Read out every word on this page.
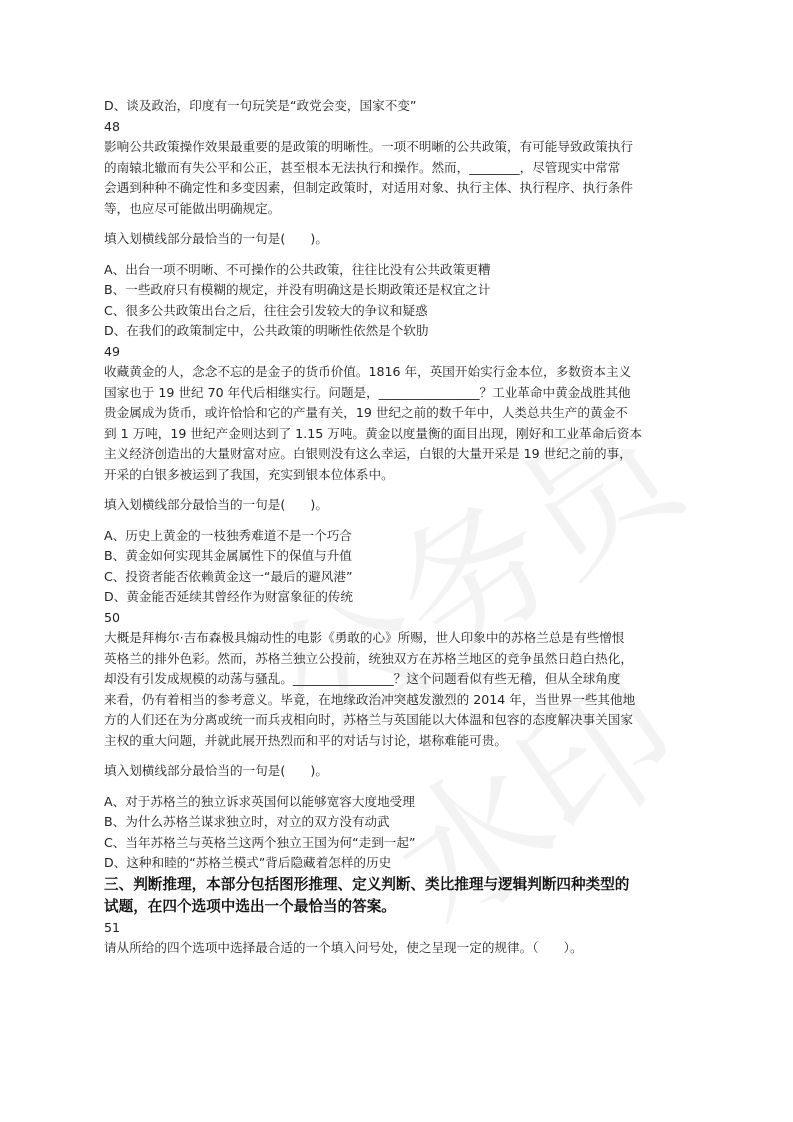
D、谈及政治，印度有一句玩笑是“政党会变，国家不变”
48
影响公共政策操作效果最重要的是政策的明晰性。一项不明晰的公共政策，有可能导致政策执行
的南辕北辙而有失公平和公正，甚至根本无法执行和操作。然而，________，尽管现实中常常
会遇到种种不确定性和多变因素，但制定政策时，对适用对象、执行主体、执行程序、执行条件
等，也应尽可能做出明确规定。
填入划横线部分最恰当的一句是(　　)。
A、出台一项不明晰、不可操作的公共政策，往往比没有公共政策更糟
B、一些政府只有模糊的规定，并没有明确这是长期政策还是权宜之计
C、很多公共政策出台之后，往往会引发较大的争议和疑惑
D、在我们的政策制定中，公共政策的明晰性依然是个软肋
49
收藏黄金的人，念念不忘的是金子的货币价值。1816 年，英国开始实行金本位，多数资本主义
国家也于 19 世纪 70 年代后相继实行。问题是，________________？工业革命中黄金战胜其他
贵金属成为货币，或许恰恰和它的产量有关，19 世纪之前的数千年中，人类总共生产的黄金不
到 1 万吨，19 世纪产金则达到了 1.15 万吨。黄金以度量衡的面目出现，刚好和工业革命后资本
主义经济创造出的大量财富对应。白银则没有这么幸运，白银的大量开采是 19 世纪之前的事，
开采的白银多被运到了我国，充实到银本位体系中。
填入划横线部分最恰当的一句是(　　)。
A、历史上黄金的一枝独秀难道不是一个巧合
B、黄金如何实现其金属属性下的保值与升值
C、投资者能否依赖黄金这一“最后的避风港”
D、黄金能否延续其曾经作为财富象征的传统
50
大概是拜梅尔·吉布森极具煽动性的电影《勇敢的心》所赐，世人印象中的苏格兰总是有些憎恨
英格兰的排外色彩。然而，苏格兰独立公投前，统独双方在苏格兰地区的竞争虽然日趋白热化，
却没有引发成规模的动荡与骚乱。________________？这个问题看似有些无稽，但从全球角度
来看，仍有着相当的参考意义。毕竟，在地缘政治冲突越发激烈的 2014 年，当世界一些其他地
方的人们还在为分离或统一而兵戎相向时，苏格兰与英国能以大体温和包容的态度解决事关国家
主权的重大问题，并就此展开热烈而和平的对话与讨论，堪称难能可贵。
填入划横线部分最恰当的一句是(　　)。
A、对于苏格兰的独立诉求英国何以能够宽容大度地受理
B、为什么苏格兰谋求独立时，对立的双方没有动武
C、当年苏格兰与英格兰这两个独立王国为何“走到一起”
D、这种和睦的“苏格兰模式”背后隐藏着怎样的历史
三、判断推理，本部分包括图形推理、定义判断、类比推理与逻辑判断四种类型的
试题，在四个选项中选出一个最恰当的答案。
51
请从所给的四个选项中选择最合适的一个填入问号处，使之呈现一定的规律。（　　）。
